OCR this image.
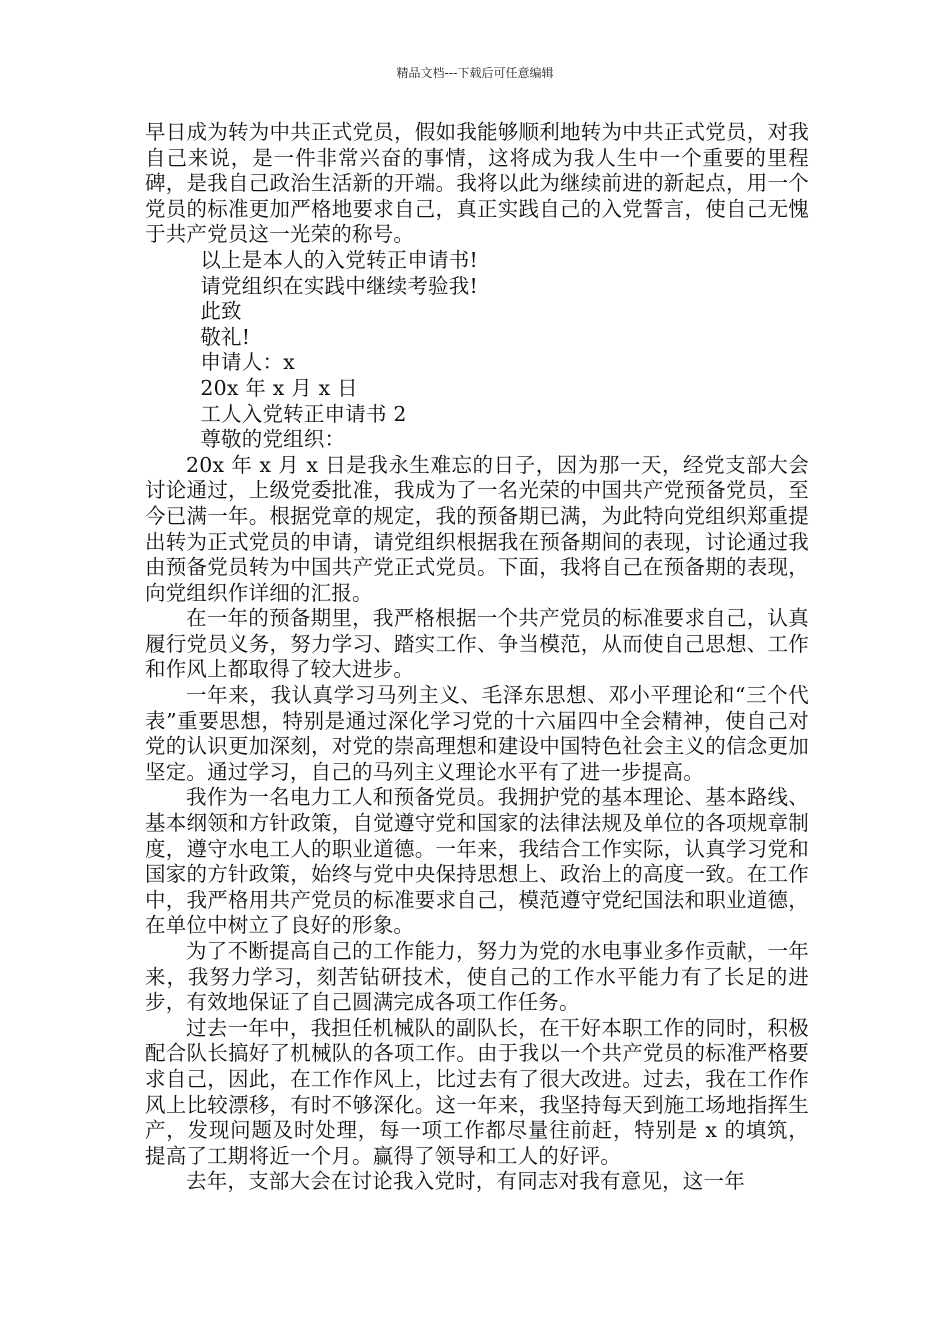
精品文档---下载后可任意编辑

早日成为转为中共正式党员，假如我能够顺利地转为中共正式党员，对我自己来说，是一件非常兴奋的事情，这将成为我人生中一个重要的里程碑，是我自己政治生活新的开端。我将以此为继续前进的新起点，用一个党员的标准更加严格地要求自己，真正实践自己的入党誓言，使自己无愧于共产党员这一光荣的称号。

以上是本人的入党转正申请书!

请党组织在实践中继续考验我!

此致

敬礼!

申请人：x

20x 年 x 月 x 日

工人入党转正申请书 2

尊敬的党组织：

20x 年 x 月 x 日是我永生难忘的日子，因为那一天，经党支部大会讨论通过，上级党委批准，我成为了一名光荣的中国共产党预备党员，至今已满一年。根据党章的规定，我的预备期已满，为此特向党组织郑重提出转为正式党员的申请，请党组织根据我在预备期间的表现，讨论通过我由预备党员转为中国共产党正式党员。下面，我将自己在预备期的表现，向党组织作详细的汇报。

在一年的预备期里，我严格根据一个共产党员的标准要求自己，认真履行党员义务，努力学习、踏实工作、争当模范，从而使自己思想、工作和作风上都取得了较大进步。

一年来，我认真学习马列主义、毛泽东思想、邓小平理论和“三个代表”重要思想，特别是通过深化学习党的十六届四中全会精神，使自己对党的认识更加深刻，对党的崇高理想和建设中国特色社会主义的信念更加坚定。通过学习，自己的马列主义理论水平有了进一步提高。

我作为一名电力工人和预备党员。我拥护党的基本理论、基本路线、基本纲领和方针政策，自觉遵守党和国家的法律法规及单位的各项规章制度，遵守水电工人的职业道德。一年来，我结合工作实际，认真学习党和国家的方针政策，始终与党中央保持思想上、政治上的高度一致。在工作中，我严格用共产党员的标准要求自己，模范遵守党纪国法和职业道德，在单位中树立了良好的形象。

为了不断提高自己的工作能力，努力为党的水电事业多作贡献，一年来，我努力学习，刻苦钻研技术，使自己的工作水平能力有了长足的进步，有效地保证了自己圆满完成各项工作任务。

过去一年中，我担任机械队的副队长，在干好本职工作的同时，积极配合队长搞好了机械队的各项工作。由于我以一个共产党员的标准严格要求自己，因此，在工作作风上，比过去有了很大改进。过去，我在工作作风上比较漂移，有时不够深化。这一年来，我坚持每天到施工场地指挥生产，发现问题及时处理，每一项工作都尽量往前赶，特别是 x 的填筑，提高了工期将近一个月。赢得了领导和工人的好评。

去年，支部大会在讨论我入党时，有同志对我有意见，这一年
